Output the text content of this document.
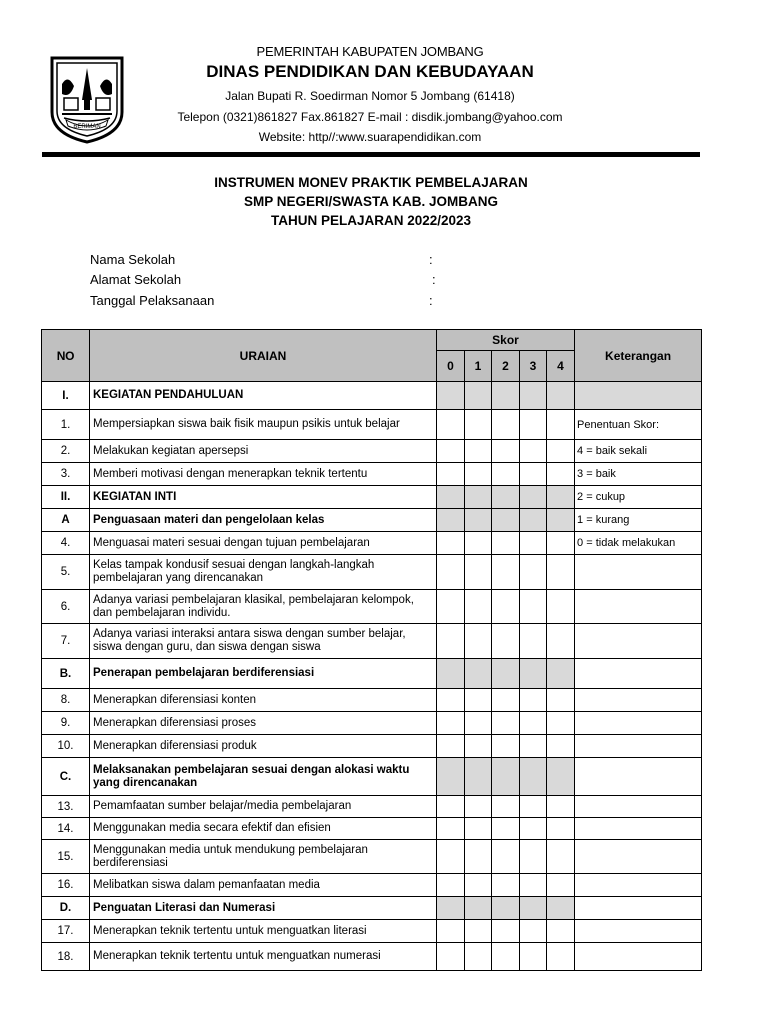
BERIMAN
PEMERINTAH KABUPATEN JOMBANG
DINAS PENDIDIKAN DAN KEBUDAYAAN
Jalan Bupati R. Soedirman Nomor 5 Jombang (61418)
Telepon (0321)861827 Fax.861827 E-mail : disdik.jombang@yahoo.com
Website: http//:www.suarapendidikan.com
INSTRUMEN MONEV PRAKTIK PEMBELAJARAN
SMP NEGERI/SWASTA KAB. JOMBANG
TAHUN PELAJARAN 2022/2023
Nama Sekolah	:
Alamat Sekolah	:
Tanggal Pelaksanaan	:
NO	URAIAN	Skor					Keterangan
		0	1	2	3	4	
I.	KEGIATAN PENDAHULUAN						
1.	Mempersiapkan siswa baik fisik maupun psikis untuk belajar						Penentuan Skor:
2.	Melakukan kegiatan apersepsi						4 = baik sekali
3.	Memberi motivasi dengan menerapkan teknik tertentu						3 = baik
II.	KEGIATAN INTI						2 = cukup
A	Penguasaan materi dan pengelolaan kelas						1 = kurang
4.	Menguasai materi sesuai dengan tujuan pembelajaran						0 = tidak melakukan
5.	Kelas tampak kondusif sesuai dengan langkah-langkah pembelajaran yang direncanakan						
6.	Adanya variasi pembelajaran klasikal, pembelajaran kelompok, dan pembelajaran individu.						
7.	Adanya variasi interaksi antara siswa dengan sumber belajar, siswa dengan guru, dan siswa dengan siswa						
B.	Penerapan pembelajaran berdiferensiasi						
8.	Menerapkan diferensiasi konten						
9.	Menerapkan diferensiasi proses						
10.	Menerapkan diferensiasi produk						
C.	Melaksanakan pembelajaran sesuai dengan alokasi waktu yang direncanakan						
13.	Pemamfaatan sumber belajar/media pembelajaran						
14.	Menggunakan media secara efektif dan efisien						
15.	Menggunakan media untuk mendukung pembelajaran berdiferensiasi						
16.	Melibatkan siswa dalam pemanfaatan media						
D.	Penguatan Literasi dan Numerasi						
17.	Menerapkan teknik tertentu untuk menguatkan literasi						
18.	Menerapkan teknik tertentu untuk menguatkan numerasi						
